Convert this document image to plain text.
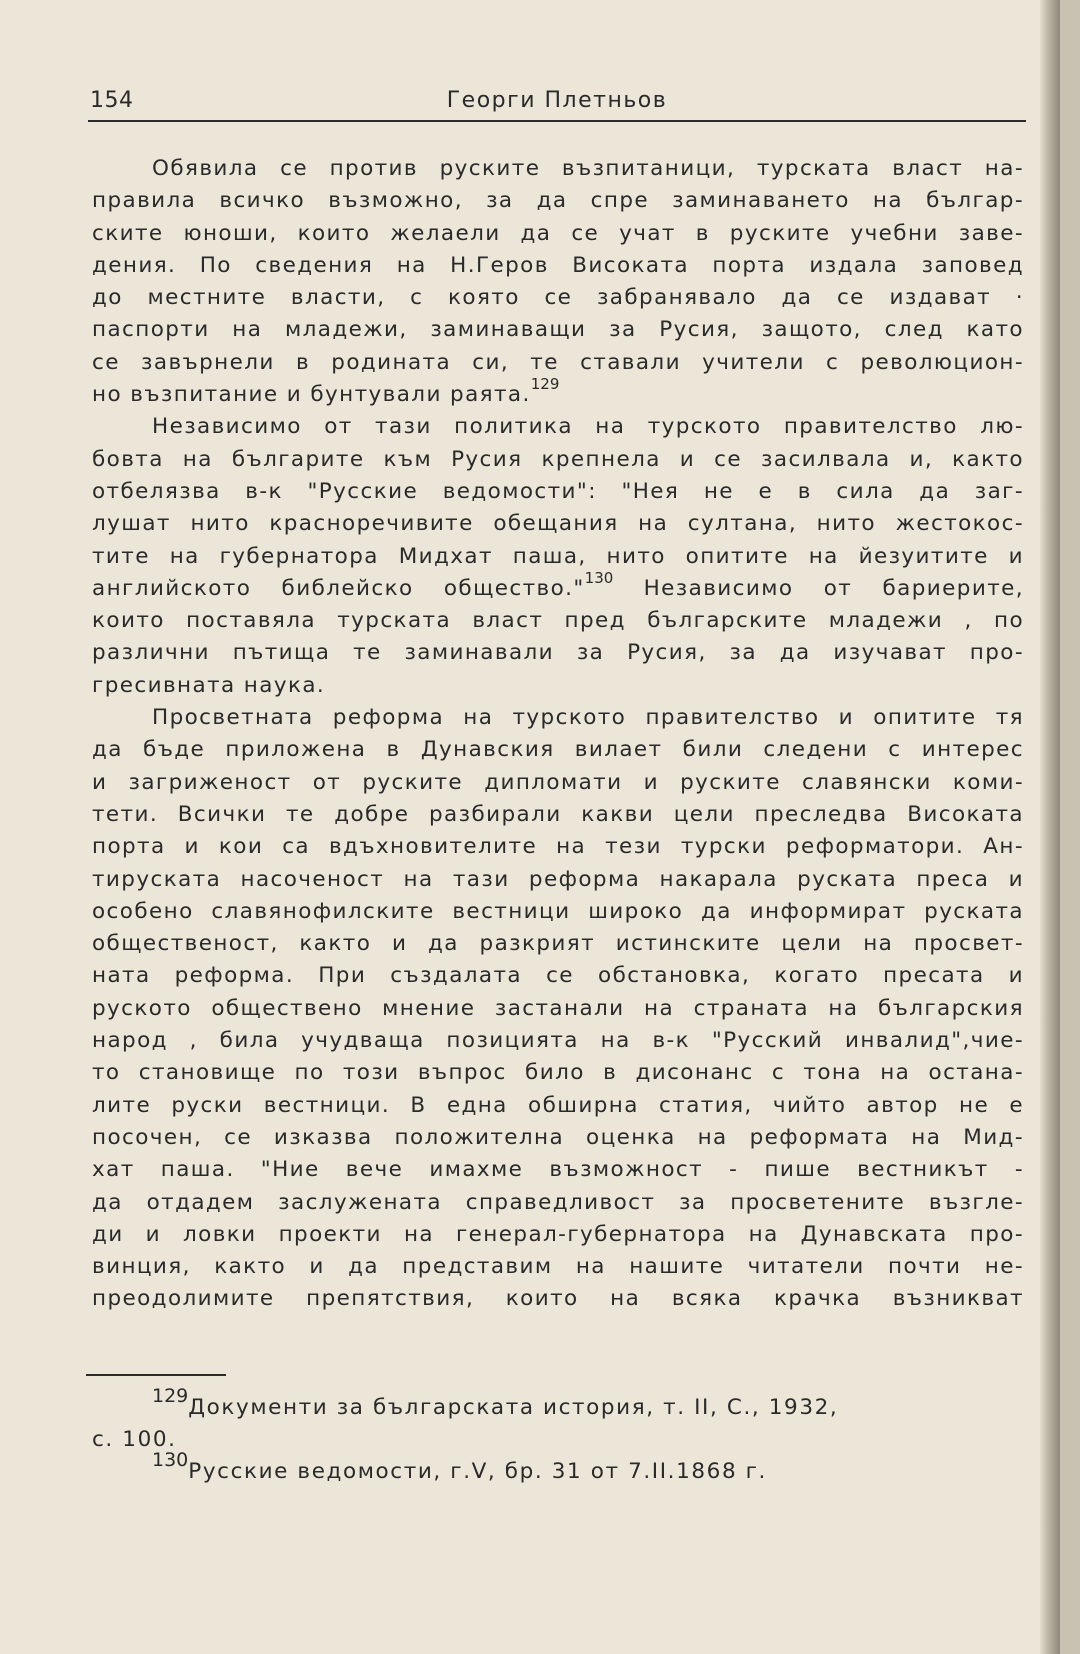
154	Георги Плетньов
Обявила се против руските възпитаници, турската власт на-
правила всичко възможно, за да спре заминаването на българ-
ските юноши, които желаели да се учат в руските учебни заве-
дения. По сведения на Н.Геров Високата порта издала заповед
до местните власти, с която се забранявало да се издават ·
паспорти на младежи, заминаващи за Русия, защото, след като
се завърнели в родината си, те ставали учители с революцион-
но възпитание и бунтували раята.$^{129}$
Независимо от тази политика на турското правителство лю-
бовта на българите към Русия крепнела и се засилвала и, както
отбелязва в-к "Русские ведомости": "Нея не е в сила да заг-
лушат нито красноречивите обещания на султана, нито жестокос-
тите на губернатора Мидхат паша, нито опитите на йезуитите и
английското библейско общество."$^{130}$ Независимо от бариерите,
които поставяла турската власт пред българските младежи , по
различни пътища те заминавали за Русия, за да изучават про-
гресивната наука.
Просветната реформа на турското правителство и опитите тя
да бъде приложена в Дунавския вилает били следени с интерес
и загриженост от руските дипломати и руските славянски коми-
тети. Всички те добре разбирали какви цели преследва Високата
порта и кои са вдъхновителите на тези турски реформатори. Ан-
тируската насоченост на тази реформа накарала руската преса и
особено славянофилските вестници широко да информират руската
общественост, както и да разкрият истинските цели на просвет-
ната реформа. При създалата се обстановка, когато пресата и
руското обществено мнение застанали на страната на българския
народ , била учудваща позицията на в-к "Русский инвалид",чие-
то становище по този въпрос било в дисонанс с тона на остана-
лите руски вестници. В една обширна статия, чийто автор не е
посочен, се изказва положителна оценка на реформата на Мид-
хат паша. "Ние вече имахме възможност - пише вестникът -
да отдадем заслужената справедливост за просветените възгле-
ди и ловки проекти на генерал-губернатора на Дунавската про-
винция, както и да представим на нашите читатели почти не-
преодолимите препятствия, които на всяка крачка възникват
129Документи за българската история, т. II, С., 1932,
с. 100.
130Русские ведомости, г.V, бр. 31 от 7.II.1868 г.
